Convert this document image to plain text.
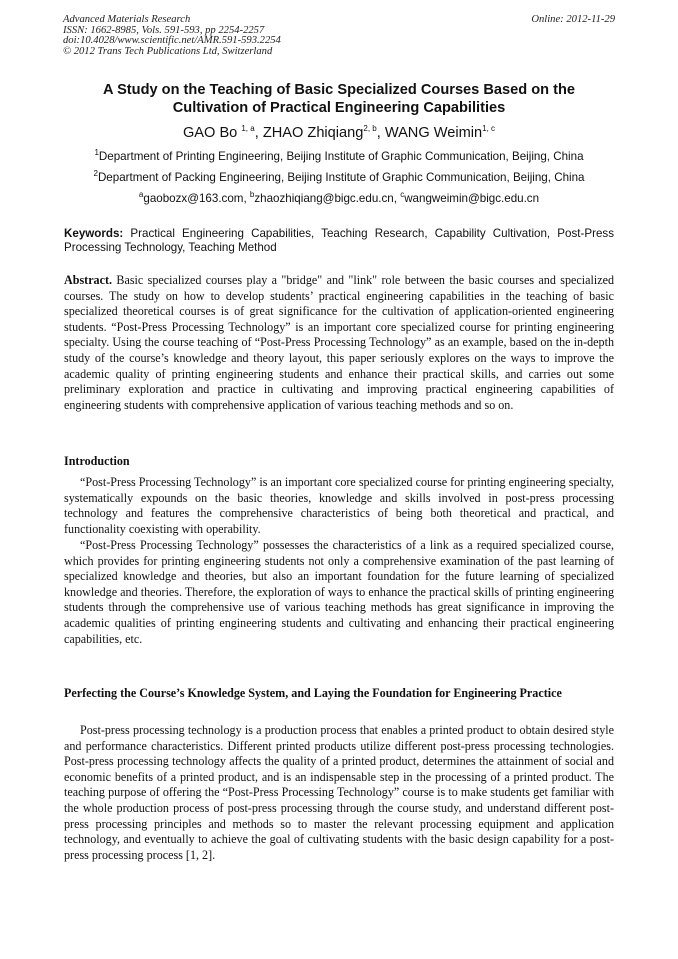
Advanced Materials Research
ISSN: 1662-8985, Vols. 591-593, pp 2254-2257
doi:10.4028/www.scientific.net/AMR.591-593.2254
© 2012 Trans Tech Publications Ltd, Switzerland
Online: 2012-11-29
A Study on the Teaching of Basic Specialized Courses Based on the
Cultivation of Practical Engineering Capabilities
GAO Bo $^{1, a}$, ZHAO Zhiqiang$^{2, b}$, WANG Weimin$^{1, c}$
$^1$Department of Printing Engineering, Beijing Institute of Graphic Communication, Beijing, China
$^2$Department of Packing Engineering, Beijing Institute of Graphic Communication, Beijing, China
$^a$gaobozx@163.com, $^b$zhaozhiqiang@bigc.edu.cn, $^c$wangweimin@bigc.edu.cn
Keywords: Practical Engineering Capabilities, Teaching Research, Capability Cultivation, Post-Press Processing Technology, Teaching Method
Abstract. Basic specialized courses play a "bridge" and "link" role between the basic courses and specialized courses. The study on how to develop students’ practical engineering capabilities in the teaching of basic specialized theoretical courses is of great significance for the cultivation of application-oriented engineering students. “Post-Press Processing Technology” is an important core specialized course for printing engineering specialty. Using the course teaching of “Post-Press Processing Technology” as an example, based on the in-depth study of the course’s knowledge and theory layout, this paper seriously explores on the ways to improve the academic quality of printing engineering students and enhance their practical skills, and carries out some preliminary exploration and practice in cultivating and improving practical engineering capabilities of engineering students with comprehensive application of various teaching methods and so on.
Introduction

“Post-Press Processing Technology” is an important core specialized course for printing engineering specialty, systematically expounds on the basic theories, knowledge and skills involved in post-press processing technology and features the comprehensive characteristics of being both theoretical and practical, and functionality coexisting with operability.

“Post-Press Processing Technology” possesses the characteristics of a link as a required specialized course, which provides for printing engineering students not only a comprehensive examination of the past learning of specialized knowledge and theories, but also an important foundation for the future learning of specialized knowledge and theories. Therefore, the exploration of ways to enhance the practical skills of printing engineering students through the comprehensive use of various teaching methods has great significance in improving the academic qualities of printing engineering students and cultivating and enhancing their practical engineering capabilities, etc.

Perfecting the Course’s Knowledge System, and Laying the Foundation for Engineering Practice

Post-press processing technology is a production process that enables a printed product to obtain desired style and performance characteristics. Different printed products utilize different post-press processing technologies. Post-press processing technology affects the quality of a printed product, determines the attainment of social and economic benefits of a printed product, and is an indispensable step in the processing of a printed product. The teaching purpose of offering the “Post-Press Processing Technology” course is to make students get familiar with the whole production process of post-press processing through the course study, and understand different post-press processing principles and methods so to master the relevant processing equipment and application technology, and eventually to achieve the goal of cultivating students with the basic design capability for a post-press processing process [1, 2].
